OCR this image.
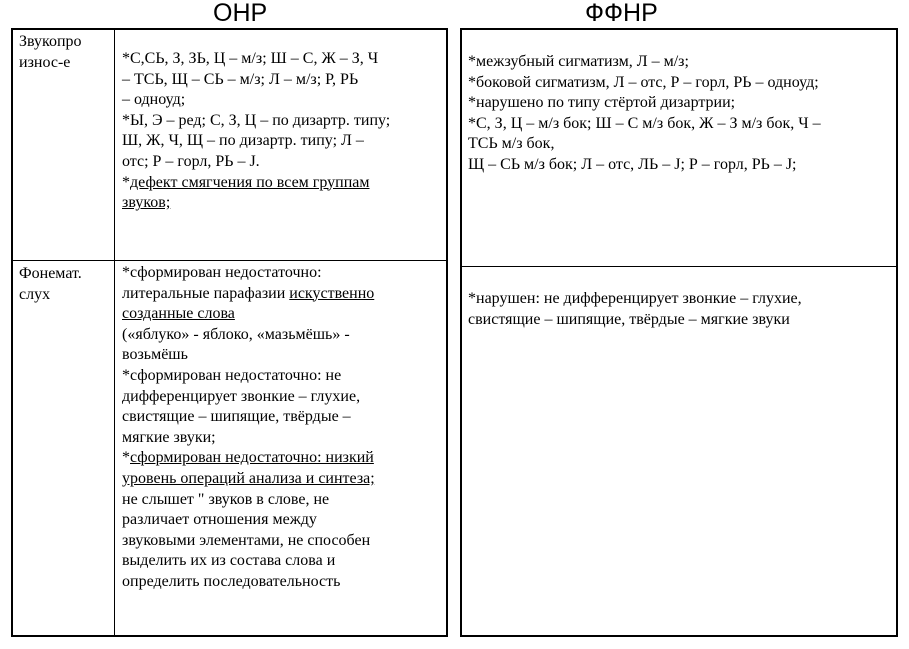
ОНР	ФФНР
Звукопро
износ-е	*С,СЬ, З, ЗЬ, Ц – м/з; Ш – С, Ж – З, Ч
– ТСЬ, Щ – СЬ – м/з; Л – м/з; Р, РЬ
– одноуд;
*Ы, Э – ред; С, З, Ц – по дизартр. типу;
Ш, Ж, Ч, Щ – по дизартр. типу; Л –
отс; Р – горл, РЬ – J.
*дефект смягчения по всем группам
звуков;
Фонемат.
слух
*сформирован недостаточно:
литеральные парафазии искуственно
созданные слова
(«яблуко» - яблоко, «мазьмёшь» -
возьмёшь
*сформирован недостаточно: не
дифференцирует звонкие – глухие,
свистящие – шипящие, твёрдые –
мягкие звуки;
*сформирован недостаточно: низкий
уровень операций анализа и синтеза;
не слышет " звуков в слове, не
различает отношения между
звуковыми элементами, не способен
выделить их из состава слова и
определить последовательность
*межзубный сигматизм, Л – м/з;
*боковой сигматизм, Л – отс, Р – горл, РЬ – одноуд;
*нарушено по типу стёртой дизартрии;
*С, З, Ц – м/з бок; Ш – С м/з бок, Ж – З м/з бок, Ч –
ТСЬ м/з бок,
Щ – СЬ м/з бок; Л – отс, ЛЬ – J; Р – горл, РЬ – J;
*нарушен: не дифференцирует звонкие – глухие,
свистящие – шипящие, твёрдые – мягкие звуки
